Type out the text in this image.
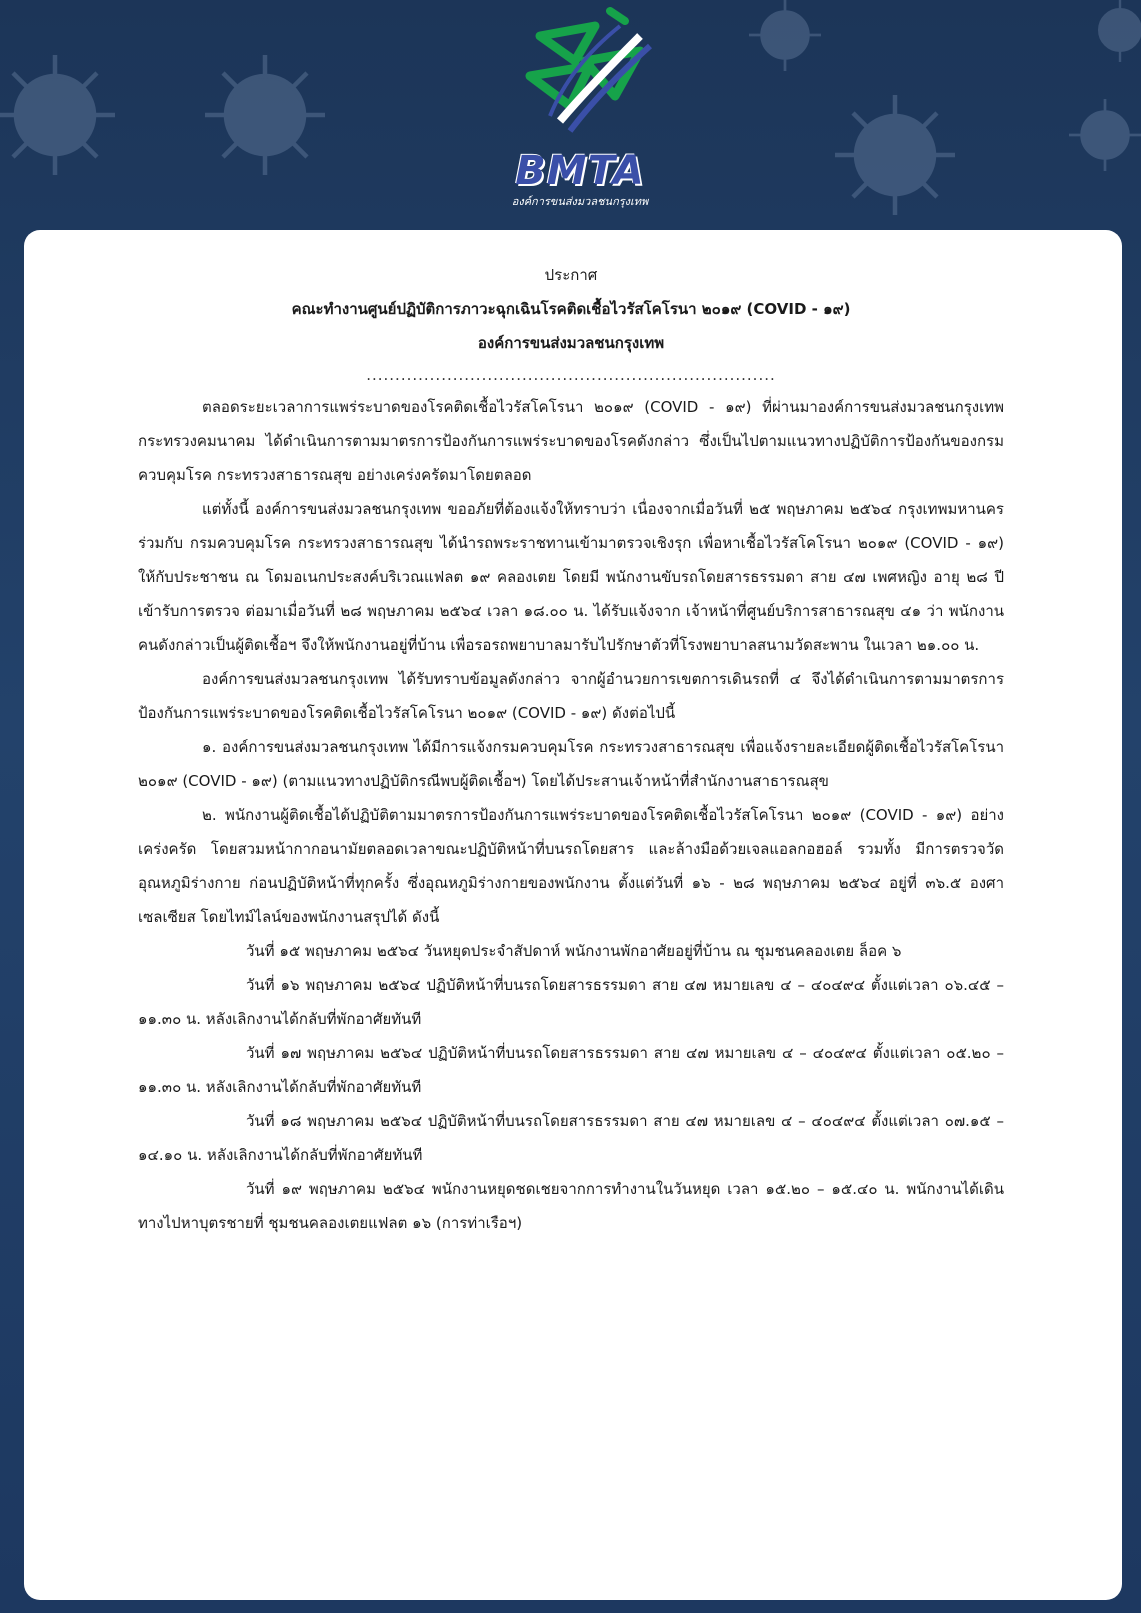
BMTA
องค์การขนส่งมวลชนกรุงเทพ
ประกาศ
คณะทำงานศูนย์ปฏิบัติการภาวะฉุกเฉินโรคติดเชื้อไวรัสโคโรนา ๒๐๑๙ (COVID - ๑๙)
องค์การขนส่งมวลชนกรุงเทพ
.......................................................................

ตลอดระยะเวลาการแพร่ระบาดของโรคติดเชื้อไวรัสโคโรนา ๒๐๑๙ (COVID - ๑๙) ที่ผ่านมาองค์การขนส่งมวลชนกรุงเทพ กระทรวงคมนาคม ได้ดำเนินการตามมาตรการป้องกันการแพร่ระบาดของโรคดังกล่าว ซึ่งเป็นไปตามแนวทางปฏิบัติการป้องกันของกรมควบคุมโรค กระทรวงสาธารณสุข อย่างเคร่งครัดมาโดยตลอด

แต่ทั้งนี้ องค์การขนส่งมวลชนกรุงเทพ ขออภัยที่ต้องแจ้งให้ทราบว่า เนื่องจากเมื่อวันที่ ๒๕ พฤษภาคม ๒๕๖๔ กรุงเทพมหานคร ร่วมกับ กรมควบคุมโรค กระทรวงสาธารณสุข ได้นำรถพระราชทานเข้ามาตรวจเชิงรุก เพื่อหาเชื้อไวรัสโคโรนา ๒๐๑๙ (COVID - ๑๙) ให้กับประชาชน ณ โดมอเนกประสงค์บริเวณแฟลต ๑๙ คลองเตย โดยมี พนักงานขับรถโดยสารธรรมดา สาย ๔๗ เพศหญิง อายุ ๒๘ ปี เข้ารับการตรวจ ต่อมาเมื่อวันที่ ๒๘ พฤษภาคม ๒๕๖๔ เวลา ๑๘.๐๐ น. ได้รับแจ้งจาก เจ้าหน้าที่ศูนย์บริการสาธารณสุข ๔๑ ว่า พนักงานคนดังกล่าวเป็นผู้ติดเชื้อฯ จึงให้พนักงานอยู่ที่บ้าน เพื่อรอรถพยาบาลมารับไปรักษาตัวที่โรงพยาบาลสนามวัดสะพาน ในเวลา ๒๑.๐๐ น.

องค์การขนส่งมวลชนกรุงเทพ ได้รับทราบข้อมูลดังกล่าว จากผู้อำนวยการเขตการเดินรถที่ ๔ จึงได้ดำเนินการตามมาตรการป้องกันการแพร่ระบาดของโรคติดเชื้อไวรัสโคโรนา ๒๐๑๙ (COVID - ๑๙) ดังต่อไปนี้

๑. องค์การขนส่งมวลชนกรุงเทพ ได้มีการแจ้งกรมควบคุมโรค กระทรวงสาธารณสุข เพื่อแจ้งรายละเอียดผู้ติดเชื้อไวรัสโคโรนา ๒๐๑๙ (COVID - ๑๙) (ตามแนวทางปฏิบัติกรณีพบผู้ติดเชื้อฯ) โดยได้ประสานเจ้าหน้าที่สำนักงานสาธารณสุข

๒. พนักงานผู้ติดเชื้อได้ปฏิบัติตามมาตรการป้องกันการแพร่ระบาดของโรคติดเชื้อไวรัสโคโรนา ๒๐๑๙ (COVID - ๑๙) อย่างเคร่งครัด โดยสวมหน้ากากอนามัยตลอดเวลาขณะปฏิบัติหน้าที่บนรถโดยสาร และล้างมือด้วยเจลแอลกอฮอล์ รวมทั้ง มีการตรวจวัดอุณหภูมิร่างกาย ก่อนปฏิบัติหน้าที่ทุกครั้ง ซึ่งอุณหภูมิร่างกายของพนักงาน ตั้งแต่วันที่ ๑๖ - ๒๘ พฤษภาคม ๒๕๖๔ อยู่ที่ ๓๖.๕ องศาเซลเซียส โดยไทม์ไลน์ของพนักงานสรุปได้ ดังนี้

วันที่ ๑๕ พฤษภาคม ๒๕๖๔ วันหยุดประจำสัปดาห์ พนักงานพักอาศัยอยู่ที่บ้าน ณ ชุมชนคลองเตย ล็อค ๖

วันที่ ๑๖ พฤษภาคม ๒๕๖๔ ปฏิบัติหน้าที่บนรถโดยสารธรรมดา สาย ๔๗ หมายเลข ๔ – ๔๐๔๙๔ ตั้งแต่เวลา ๐๖.๔๕ – ๑๑.๓๐ น. หลังเลิกงานได้กลับที่พักอาศัยทันที

วันที่ ๑๗ พฤษภาคม ๒๕๖๔ ปฏิบัติหน้าที่บนรถโดยสารธรรมดา สาย ๔๗ หมายเลข ๔ – ๔๐๔๙๔ ตั้งแต่เวลา ๐๕.๒๐ – ๑๑.๓๐ น. หลังเลิกงานได้กลับที่พักอาศัยทันที

วันที่ ๑๘ พฤษภาคม ๒๕๖๔ ปฏิบัติหน้าที่บนรถโดยสารธรรมดา สาย ๔๗ หมายเลข ๔ – ๔๐๔๙๔ ตั้งแต่เวลา ๐๗.๑๕ – ๑๔.๑๐ น. หลังเลิกงานได้กลับที่พักอาศัยทันที

วันที่ ๑๙ พฤษภาคม ๒๕๖๔ พนักงานหยุดชดเชยจากการทำงานในวันหยุด เวลา ๑๕.๒๐ – ๑๕.๔๐ น. พนักงานได้เดินทางไปหาบุตรชายที่ ชุมชนคลองเตยแฟลต ๑๖ (การท่าเรือฯ)
